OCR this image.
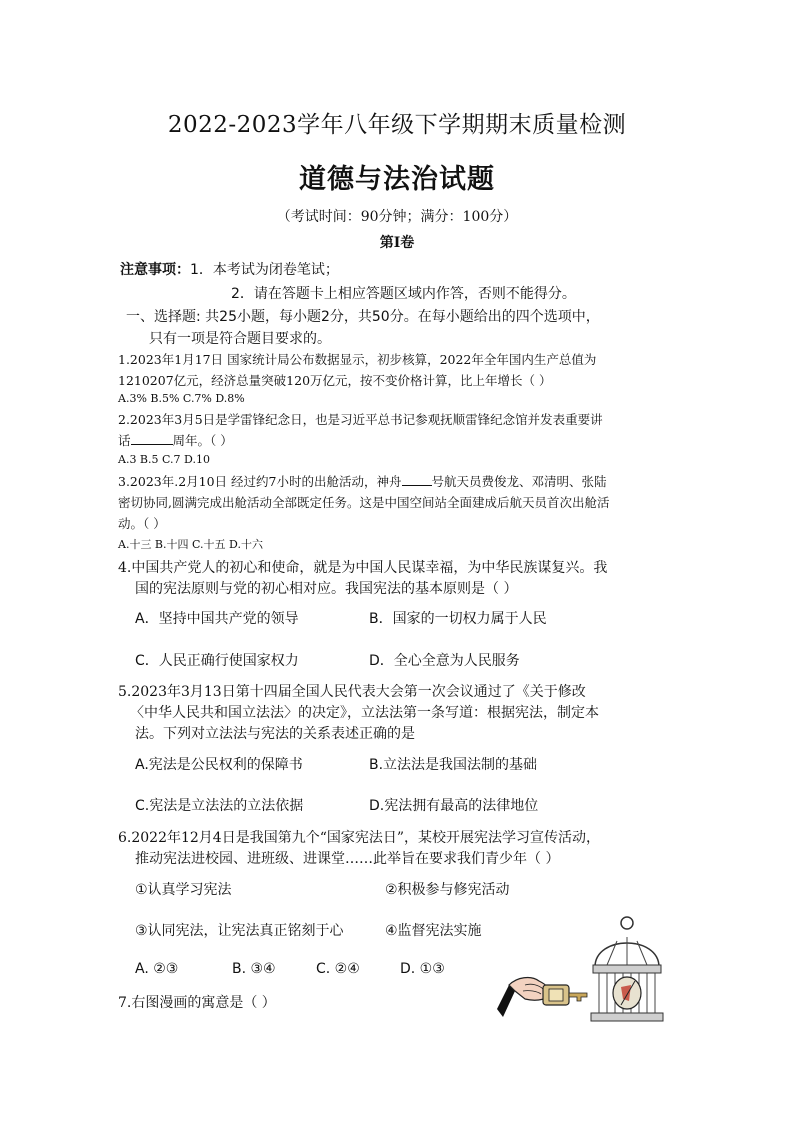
2022-2023学年八年级下学期期末质量检测
道德与法治试题
（考试时间：90分钟；满分：100分）
第Ⅰ卷
注意事项：1．本考试为闭卷笔试；
2．请在答题卡上相应答题区域内作答，否则不能得分。
一、选择题: 共25小题，每小题2分，共50分。在每小题给出的四个选项中，
只有一项是符合题目要求的。
1.2023年1月17日 国家统计局公布数据显示，初步核算，2022年全年国内生产总值为
1210207亿元，经济总量突破120万亿元，按不变价格计算，比上年增长（ ）
A.3% B.5% C.7% D.8%
2.2023年3月5日是学雷锋纪念日，也是习近平总书记参观抚顺雷锋纪念馆并发表重要讲
话	周年。（ ）
A.3 B.5 C.7 D.10
3.2023年.2月10日 经过约7小时的出舱活动，神舟 号航天员费俊龙、邓清明、张陆
密切协同,圆满完成出舱活动全部既定任务。这是中国空间站全面建成后航天员首次出舱活
动。（ ）
A.十三 B.十四 C.十五 D.十六
4.中国共产党人的初心和使命，就是为中国人民谋幸福，为中华民族谋复兴。我
国的宪法原则与党的初心相对应。我国宪法的基本原则是（ ）
A．坚持中国共产党的领导	B．国家的一切权力属于人民
C．人民正确行使国家权力	D．全心全意为人民服务
5.2023年3月13日第十四届全国人民代表大会第一次会议通过了《关于修改
〈中华人民共和国立法法〉的决定》，立法法第一条写道：根据宪法，制定本
法。下列对立法法与宪法的关系表述正确的是
A.宪法是公民权利的保障书	B.立法法是我国法制的基础
C.宪法是立法法的立法依据	D.宪法拥有最高的法律地位
6.2022年12月4日是我国第九个“国家宪法日”，某校开展宪法学习宣传活动，
推动宪法进校园、进班级、进课堂……此举旨在要求我们青少年（ ）
①认真学习宪法	②积极参与修宪活动
③认同宪法，让宪法真正铭刻于心	④监督宪法实施
A. ②③	B. ③④	C. ②④	D. ①③
7.右图漫画的寓意是（ ）
